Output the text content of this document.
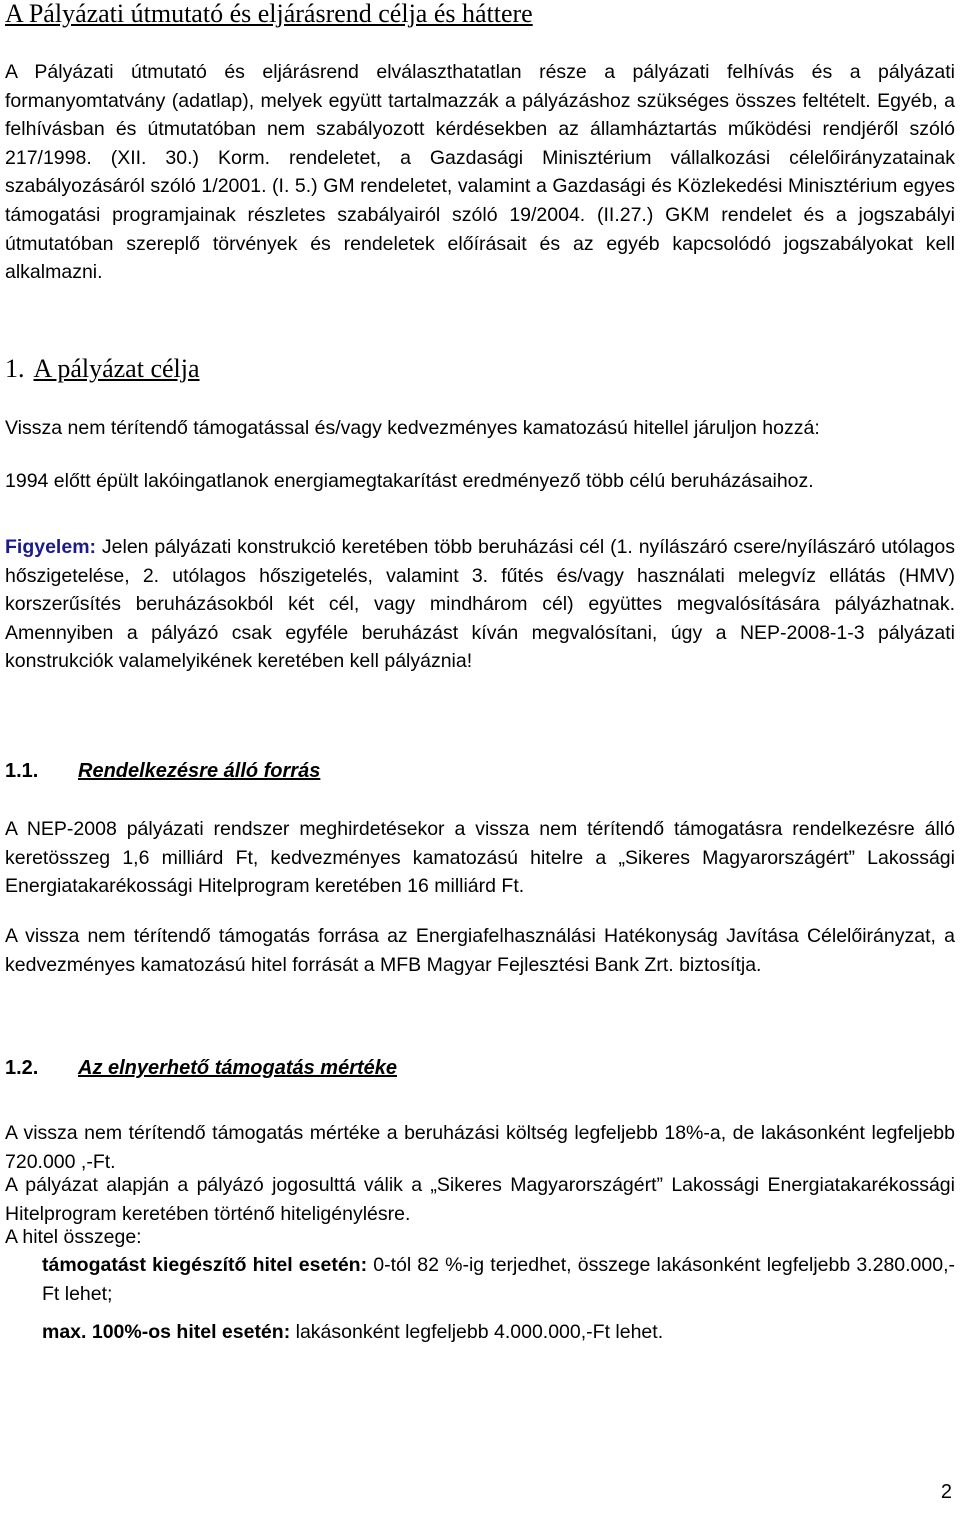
A Pályázati útmutató és eljárásrend célja és háttere

A Pályázati útmutató és eljárásrend elválaszthatatlan része a pályázati felhívás és a pályázati formanyomtatvány (adatlap), melyek együtt tartalmazzák a pályázáshoz szükséges összes feltételt. Egyéb, a felhívásban és útmutatóban nem szabályozott kérdésekben az államháztartás működési rendjéről szóló 217/1998. (XII. 30.) Korm. rendeletet, a Gazdasági Minisztérium vállalkozási célelőirányzatainak szabályozásáról szóló 1/2001. (I. 5.) GM rendeletet, valamint a Gazdasági és Közlekedési Minisztérium egyes támogatási programjainak részletes szabályairól szóló 19/2004. (II.27.) GKM rendelet és a jogszabályi útmutatóban szereplő törvények és rendeletek előírásait és az egyéb kapcsolódó jogszabályokat kell alkalmazni.

1. A pályázat célja

Vissza nem térítendő támogatással és/vagy kedvezményes kamatozású hitellel járuljon hozzá:

1994 előtt épült lakóingatlanok energiamegtakarítást eredményező több célú beruházásaihoz.

Figyelem: Jelen pályázati konstrukció keretében több beruházási cél (1. nyílászáró csere/nyílászáró utólagos hőszigetelése, 2. utólagos hőszigetelés, valamint 3. fűtés és/vagy használati melegvíz ellátás (HMV) korszerűsítés beruházásokból két cél, vagy mindhárom cél) együttes megvalósítására pályázhatnak. Amennyiben a pályázó csak egyféle beruházást kíván megvalósítani, úgy a NEP-2008-1-3 pályázati konstrukciók valamelyikének keretében kell pályáznia!

1.1. Rendelkezésre álló forrás

A NEP-2008 pályázati rendszer meghirdetésekor a vissza nem térítendő támogatásra rendelkezésre álló keretösszeg 1,6 milliárd Ft, kedvezményes kamatozású hitelre a „Sikeres Magyarországért” Lakossági Energiatakarékossági Hitelprogram keretében 16 milliárd Ft.

A vissza nem térítendő támogatás forrása az Energiafelhasználási Hatékonyság Javítása Célelőirányzat, a kedvezményes kamatozású hitel forrását a MFB Magyar Fejlesztési Bank Zrt. biztosítja.

1.2. Az elnyerhető támogatás mértéke

A vissza nem térítendő támogatás mértéke a beruházási költség legfeljebb 18%-a, de lakásonként legfeljebb 720.000 ,-Ft.

A pályázat alapján a pályázó jogosulttá válik a „Sikeres Magyarországért” Lakossági Energiatakarékossági Hitelprogram keretében történő hiteligénylésre.

A hitel összege:

támogatást kiegészítő hitel esetén: 0-tól 82 %-ig terjedhet, összege lakásonként legfeljebb 3.280.000,-Ft lehet;
max. 100%-os hitel esetén: lakásonként legfeljebb 4.000.000,-Ft lehet.
2
